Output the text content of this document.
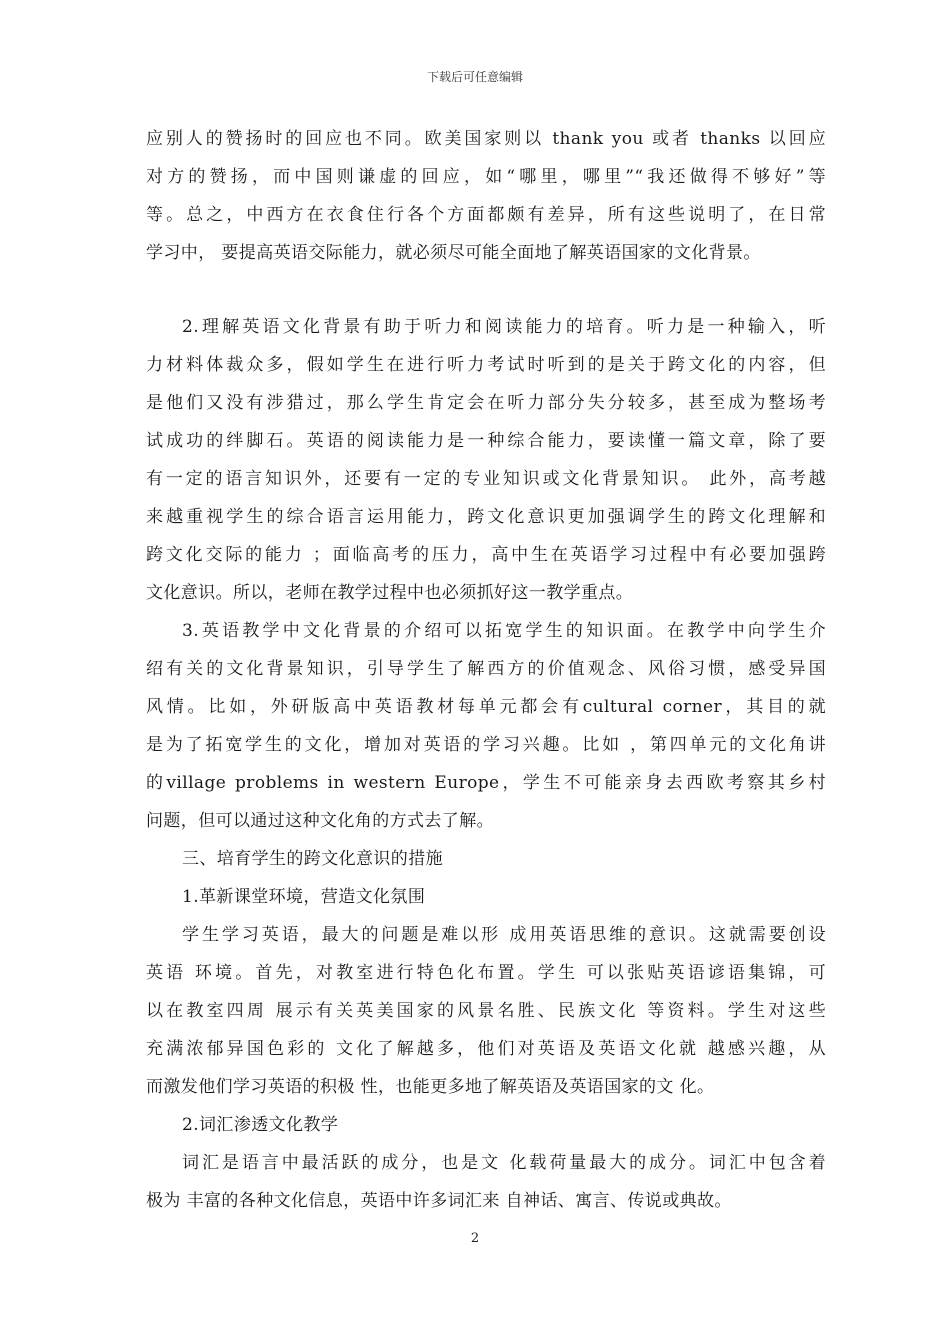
下载后可任意编辑
应别人的赞扬时的回应也不同。欧美国家则以 thank you 或者 thanks 以回应
对方的赞扬，而中国则谦虚的回应，如“哪里，哪里”“我还做得不够好”等
等。总之，中西方在衣食住行各个方面都颇有差异，所有这些说明了，在日常
学习中， 要提高英语交际能力，就必须尽可能全面地了解英语国家的文化背景。
2.理解英语文化背景有助于听力和阅读能力的培育。听力是一种输入，听
力材料体裁众多，假如学生在进行听力考试时听到的是关于跨文化的内容，但
是他们又没有涉猎过，那么学生肯定会在听力部分失分较多，甚至成为整场考
试成功的绊脚石。英语的阅读能力是一种综合能力，要读懂一篇文章，除了要
有一定的语言知识外，还要有一定的专业知识或文化背景知识。 此外，高考越
来越重视学生的综合语言运用能力，跨文化意识更加强调学生的跨文化理解和
跨文化交际的能力 ；面临高考的压力，高中生在英语学习过程中有必要加强跨
文化意识。所以，老师在教学过程中也必须抓好这一教学重点。
3.英语教学中文化背景的介绍可以拓宽学生的知识面。在教学中向学生介
绍有关的文化背景知识，引导学生了解西方的价值观念、风俗习惯，感受异国
风情。比如，外研版高中英语教材每单元都会有cultural corner，其目的就
是为了拓宽学生的文化，增加对英语的学习兴趣。比如 ，第四单元的文化角讲
的village problems in western Europe，学生不可能亲身去西欧考察其乡村
问题，但可以通过这种文化角的方式去了解。
三、培育学生的跨文化意识的措施
1.革新课堂环境，营造文化氛围
学生学习英语，最大的问题是难以形 成用英语思维的意识。这就需要创设
英语 环境。首先，对教室进行特色化布置。学生 可以张贴英语谚语集锦，可
以在教室四周 展示有关英美国家的风景名胜、民族文化 等资料。学生对这些
充满浓郁异国色彩的 文化了解越多，他们对英语及英语文化就 越感兴趣，从
而激发他们学习英语的积极 性，也能更多地了解英语及英语国家的文 化。
2.词汇渗透文化教学
词汇是语言中最活跃的成分，也是文 化载荷量最大的成分。词汇中包含着
极为 丰富的各种文化信息，英语中许多词汇来 自神话、寓言、传说或典故。
2
